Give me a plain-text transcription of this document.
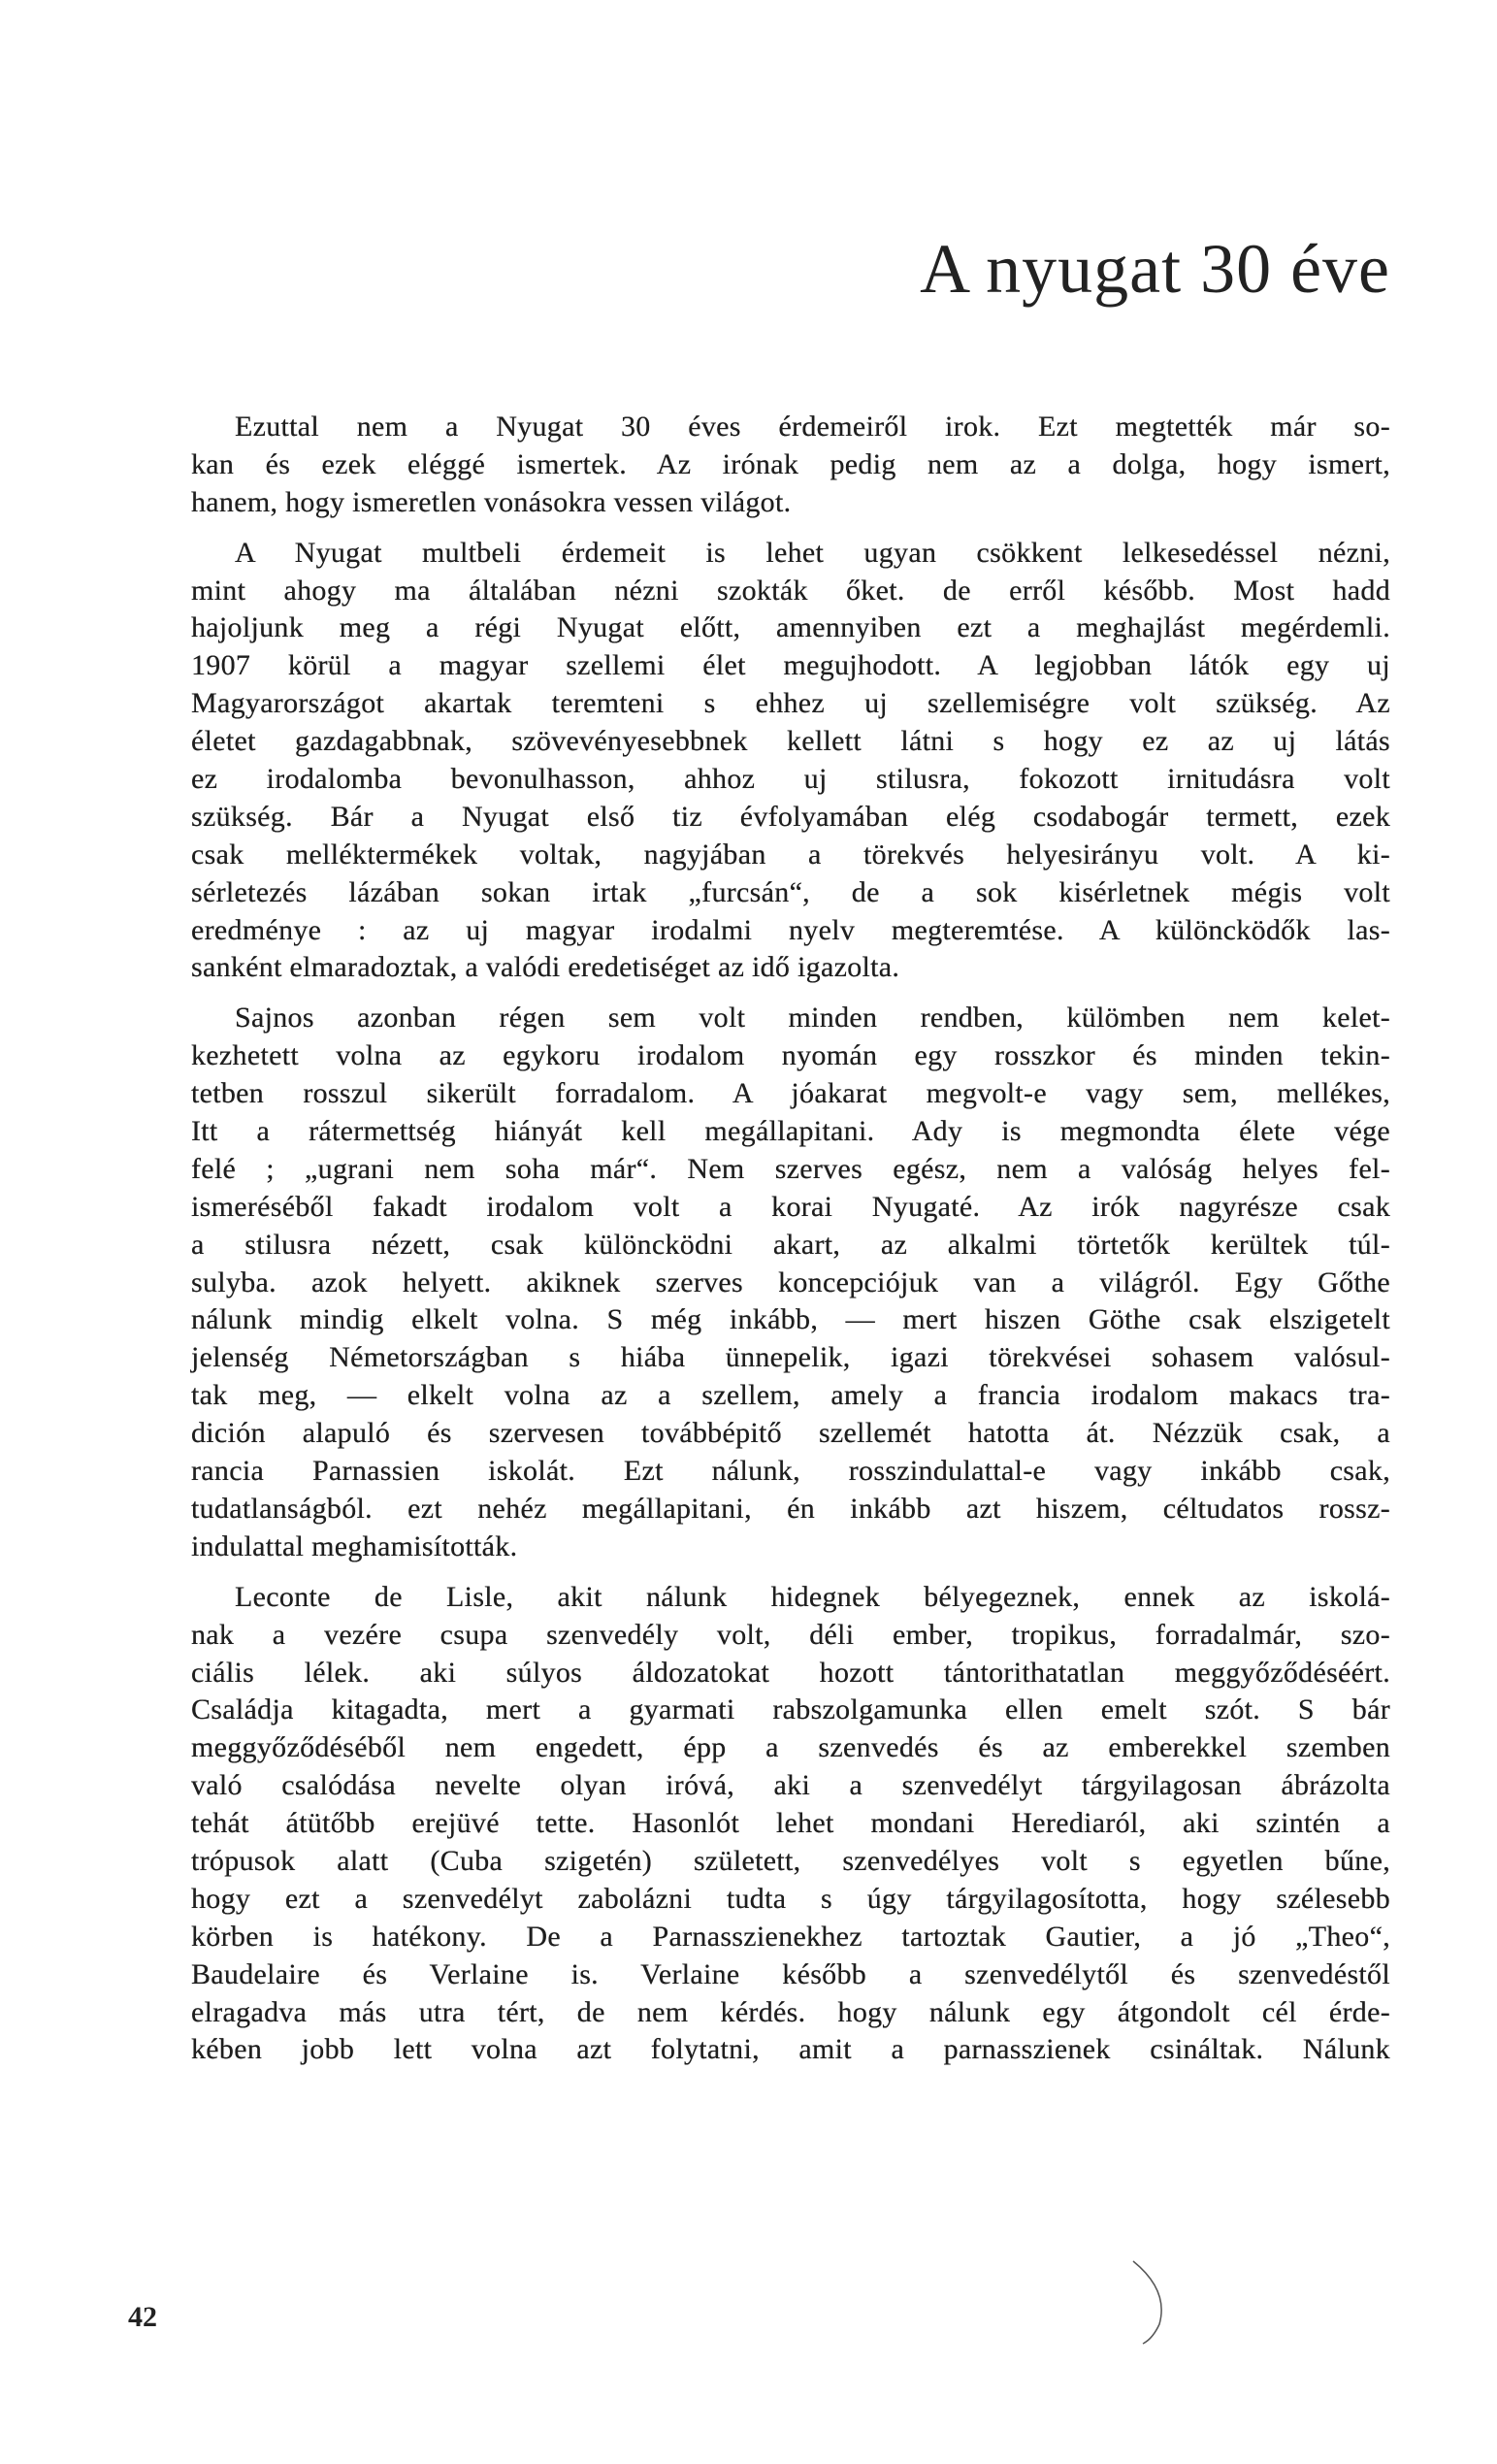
A nyugat 30 éve
Ezuttal nem a Nyugat 30 éves érdemeiről irok. Ezt megtették már so-
kan és ezek eléggé ismertek. Az irónak pedig nem az a dolga, hogy ismert,
hanem, hogy ismeretlen vonásokra vessen világot.
A Nyugat multbeli érdemeit is lehet ugyan csökkent lelkesedéssel nézni,
mint ahogy ma általában nézni szokták őket. de erről később. Most hadd
hajoljunk meg a régi Nyugat előtt, amennyiben ezt a meghajlást megérdemli.
1907 körül a magyar szellemi élet megujhodott. A legjobban látók egy uj
Magyarországot akartak teremteni s ehhez uj szellemiségre volt szükség. Az
életet gazdagabbnak, szövevényesebbnek kellett látni s hogy ez az uj látás
ez irodalomba bevonulhasson, ahhoz uj stilusra, fokozott irnitudásra volt
szükség. Bár a Nyugat első tiz évfolyamában elég csodabogár termett, ezek
csak melléktermékek voltak, nagyjában a törekvés helyesirányu volt. A ki-
sérletezés lázában sokan irtak „furcsán“, de a sok kisérletnek mégis volt
eredménye : az uj magyar irodalmi nyelv megteremtése. A különcködők las-
sanként elmaradoztak, a valódi eredetiséget az idő igazolta.
Sajnos azonban régen sem volt minden rendben, külömben nem kelet-
kezhetett volna az egykoru irodalom nyomán egy rosszkor és minden tekin-
tetben rosszul sikerült forradalom. A jóakarat megvolt-e vagy sem, mellékes,
Itt a rátermettség hiányát kell megállapitani. Ady is megmondta élete vége
felé ; „ugrani nem soha már“. Nem szerves egész, nem a valóság helyes fel-
ismeréséből fakadt irodalom volt a korai Nyugaté. Az irók nagyrésze csak
a stilusra nézett, csak különcködni akart, az alkalmi törtetők kerültek túl-
sulyba. azok helyett. akiknek szerves koncepciójuk van a világról. Egy Gőthe
nálunk mindig elkelt volna. S még inkább, — mert hiszen Göthe csak elszigetelt
jelenség Németországban s hiába ünnepelik, igazi törekvései sohasem valósul-
tak meg, — elkelt volna az a szellem, amely a francia irodalom makacs tra-
dición alapuló és szervesen továbbépitő szellemét hatotta át. Nézzük csak, a
rancia Parnassien iskolát. Ezt nálunk, rosszindulattal-e vagy inkább csak,
tudatlanságból. ezt nehéz megállapitani, én inkább azt hiszem, céltudatos rossz-
indulattal meghamisították.
Leconte de Lisle, akit nálunk hidegnek bélyegeznek, ennek az iskolá-
nak a vezére csupa szenvedély volt, déli ember, tropikus, forradalmár, szo-
ciális lélek. aki súlyos áldozatokat hozott tántorithatatlan meggyőződéséért.
Családja kitagadta, mert a gyarmati rabszolgamunka ellen emelt szót. S bár
meggyőződéséből nem engedett, épp a szenvedés és az emberekkel szemben
való csalódása nevelte olyan iróvá, aki a szenvedélyt tárgyilagosan ábrázolta
tehát átütőbb erejüvé tette. Hasonlót lehet mondani Herediaról, aki szintén a
trópusok alatt (Cuba szigetén) született, szenvedélyes volt s egyetlen bűne,
hogy ezt a szenvedélyt zabolázni tudta s úgy tárgyilagosította, hogy szélesebb
körben is hatékony. De a Parnasszienekhez tartoztak Gautier, a jó „Theo“,
Baudelaire és Verlaine is. Verlaine később a szenvedélytől és szenvedéstől
elragadva más utra tért, de nem kérdés. hogy nálunk egy átgondolt cél érde-
kében jobb lett volna azt folytatni, amit a parnasszienek csináltak. Nálunk
42
